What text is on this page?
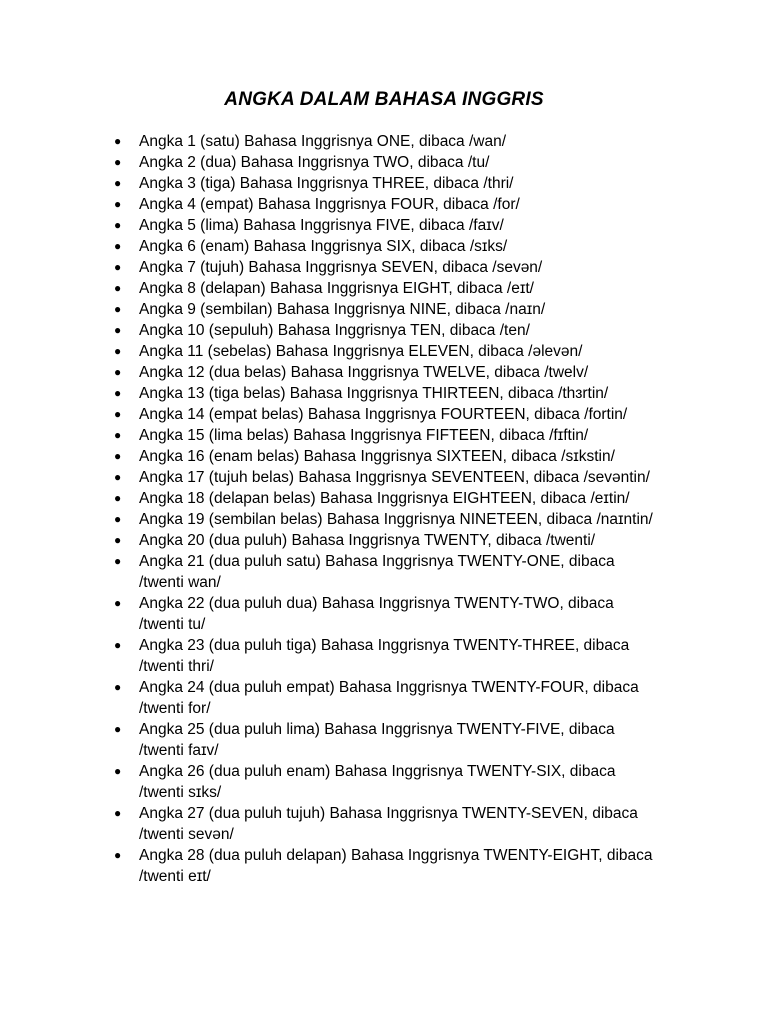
ANGKA DALAM BAHASA INGGRIS
● Angka 1 (satu) Bahasa Inggrisnya ONE, dibaca /wan/
● Angka 2 (dua) Bahasa Inggrisnya TWO, dibaca /tu/
● Angka 3 (tiga) Bahasa Inggrisnya THREE, dibaca /thri/
● Angka 4 (empat) Bahasa Inggrisnya FOUR, dibaca /for/
● Angka 5 (lima) Bahasa Inggrisnya FIVE, dibaca /faɪv/
● Angka 6 (enam) Bahasa Inggrisnya SIX, dibaca /sɪks/
● Angka 7 (tujuh) Bahasa Inggrisnya SEVEN, dibaca /sevən/
● Angka 8 (delapan) Bahasa Inggrisnya EIGHT, dibaca /eɪt/
● Angka 9 (sembilan) Bahasa Inggrisnya NINE, dibaca /naɪn/
● Angka 10 (sepuluh) Bahasa Inggrisnya TEN, dibaca /ten/
● Angka 11 (sebelas) Bahasa Inggrisnya ELEVEN, dibaca /əlevən/
● Angka 12 (dua belas) Bahasa Inggrisnya TWELVE, dibaca /twelv/
● Angka 13 (tiga belas) Bahasa Inggrisnya THIRTEEN, dibaca /thɜrtin/
● Angka 14 (empat belas) Bahasa Inggrisnya FOURTEEN, dibaca /fortin/
● Angka 15 (lima belas) Bahasa Inggrisnya FIFTEEN, dibaca /fɪftin/
● Angka 16 (enam belas) Bahasa Inggrisnya SIXTEEN, dibaca /sɪkstin/
● Angka 17 (tujuh belas) Bahasa Inggrisnya SEVENTEEN, dibaca /sevəntin/
● Angka 18 (delapan belas) Bahasa Inggrisnya EIGHTEEN, dibaca /eɪtin/
● Angka 19 (sembilan belas) Bahasa Inggrisnya NINETEEN, dibaca /naɪntin/
● Angka 20 (dua puluh) Bahasa Inggrisnya TWENTY, dibaca /twenti/
● Angka 21 (dua puluh satu) Bahasa Inggrisnya TWENTY-ONE, dibaca /twenti wan/
● Angka 22 (dua puluh dua) Bahasa Inggrisnya TWENTY-TWO, dibaca /twenti tu/
● Angka 23 (dua puluh tiga) Bahasa Inggrisnya TWENTY-THREE, dibaca /twenti thri/
● Angka 24 (dua puluh empat) Bahasa Inggrisnya TWENTY-FOUR, dibaca /twenti for/
● Angka 25 (dua puluh lima) Bahasa Inggrisnya TWENTY-FIVE, dibaca /twenti faɪv/
● Angka 26 (dua puluh enam) Bahasa Inggrisnya TWENTY-SIX, dibaca /twenti sɪks/
● Angka 27 (dua puluh tujuh) Bahasa Inggrisnya TWENTY-SEVEN, dibaca /twenti sevən/
● Angka 28 (dua puluh delapan) Bahasa Inggrisnya TWENTY-EIGHT, dibaca /twenti eɪt/
